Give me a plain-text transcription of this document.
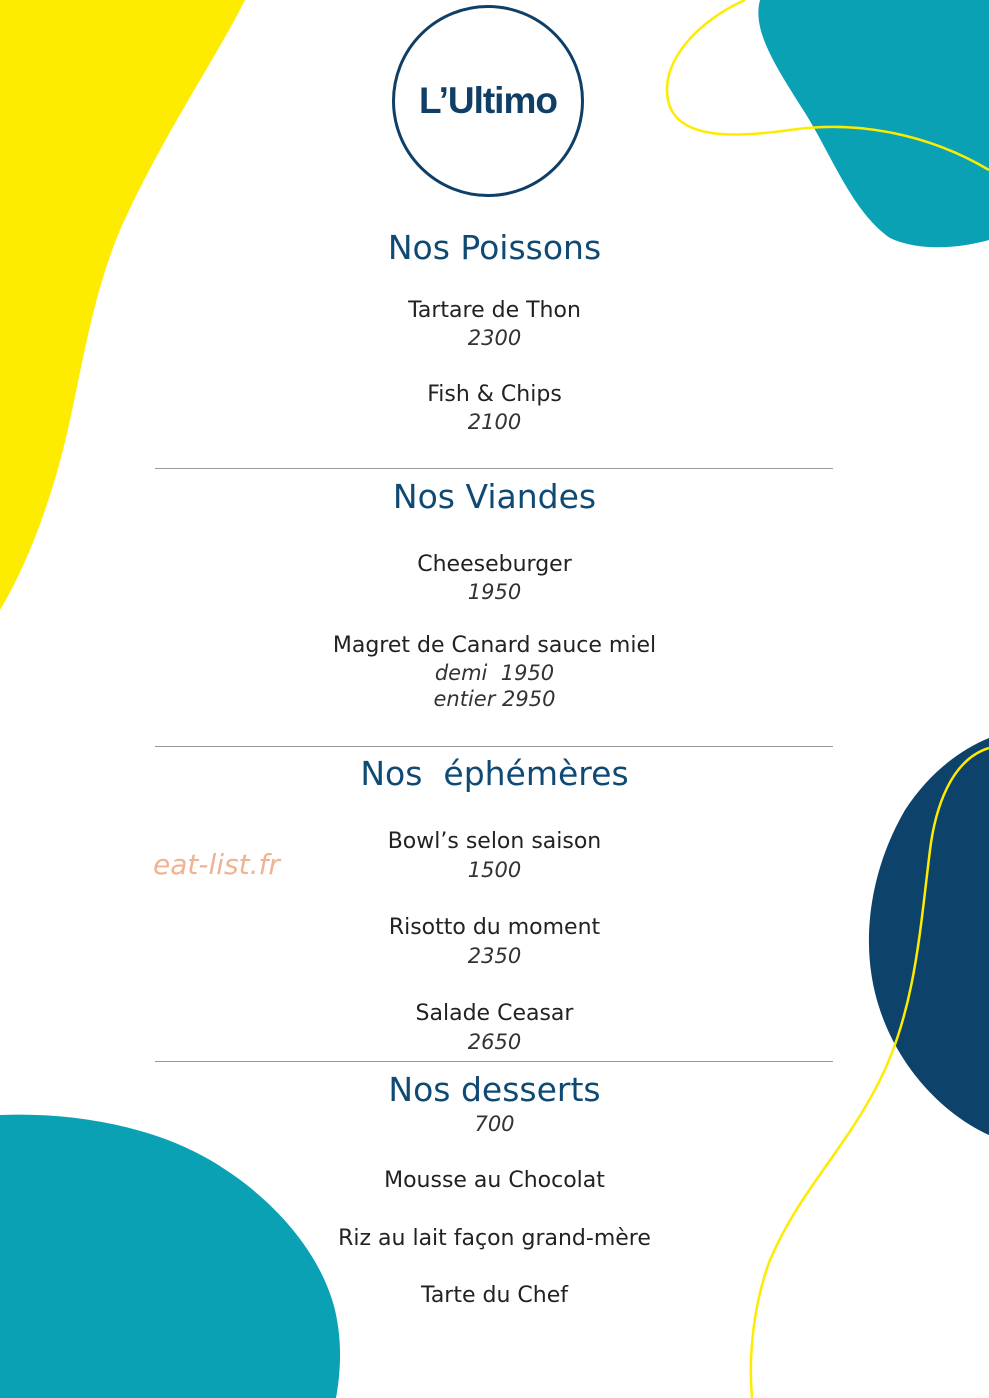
L’Ultimo
Nos Poissons
Tartare de Thon
2300
Fish & Chips
2100
Nos Viandes
Cheeseburger
1950
Magret de Canard sauce miel
demi  1950
entier 2950
Nos  éphémères
Bowl’s selon saison
1500
Risotto du moment
2350
Salade Ceasar
2650
Nos desserts
700
Mousse au Chocolat
Riz au lait façon grand-mère
Tarte du Chef
eat-list.fr
